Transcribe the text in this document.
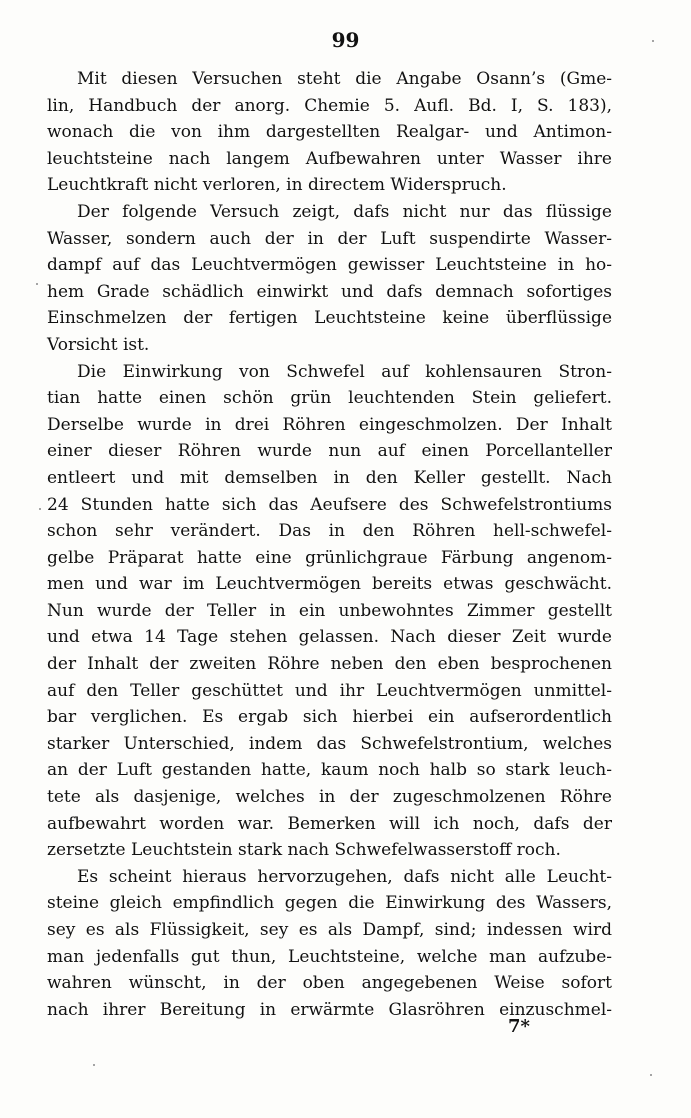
99
Mit diesen Versuchen steht die Angabe Osann’s (Gme-
lin, Handbuch der anorg. Chemie 5. Aufl. Bd. I, S. 183),
wonach die von ihm dargestellten Realgar- und Antimon-
leuchtsteine nach langem Aufbewahren unter Wasser ihre
Leuchtkraft nicht verloren, in directem Widerspruch.
Der folgende Versuch zeigt, dafs nicht nur das flüssige
Wasser, sondern auch der in der Luft suspendirte Wasser-
dampf auf das Leuchtvermögen gewisser Leuchtsteine in ho-
hem Grade schädlich einwirkt und dafs demnach sofortiges
Einschmelzen der fertigen Leuchtsteine keine überflüssige
Vorsicht ist.
Die Einwirkung von Schwefel auf kohlensauren Stron-
tian hatte einen schön grün leuchtenden Stein geliefert.
Derselbe wurde in drei Röhren eingeschmolzen. Der Inhalt
einer dieser Röhren wurde nun auf einen Porcellanteller
entleert und mit demselben in den Keller gestellt. Nach
24 Stunden hatte sich das Aeufsere des Schwefelstrontiums
schon sehr verändert. Das in den Röhren hell-schwefel-
gelbe Präparat hatte eine grünlichgraue Färbung angenom-
men und war im Leuchtvermögen bereits etwas geschwächt.
Nun wurde der Teller in ein unbewohntes Zimmer gestellt
und etwa 14 Tage stehen gelassen. Nach dieser Zeit wurde
der Inhalt der zweiten Röhre neben den eben besprochenen
auf den Teller geschüttet und ihr Leuchtvermögen unmittel-
bar verglichen. Es ergab sich hierbei ein aufserordentlich
starker Unterschied, indem das Schwefelstrontium, welches
an der Luft gestanden hatte, kaum noch halb so stark leuch-
tete als dasjenige, welches in der zugeschmolzenen Röhre
aufbewahrt worden war. Bemerken will ich noch, dafs der
zersetzte Leuchtstein stark nach Schwefelwasserstoff roch.
Es scheint hieraus hervorzugehen, dafs nicht alle Leucht-
steine gleich empfindlich gegen die Einwirkung des Wassers,
sey es als Flüssigkeit, sey es als Dampf, sind; indessen wird
man jedenfalls gut thun, Leuchtsteine, welche man aufzube-
wahren wünscht, in der oben angegebenen Weise sofort
nach ihrer Bereitung in erwärmte Glasröhren einzuschmel-
7*
